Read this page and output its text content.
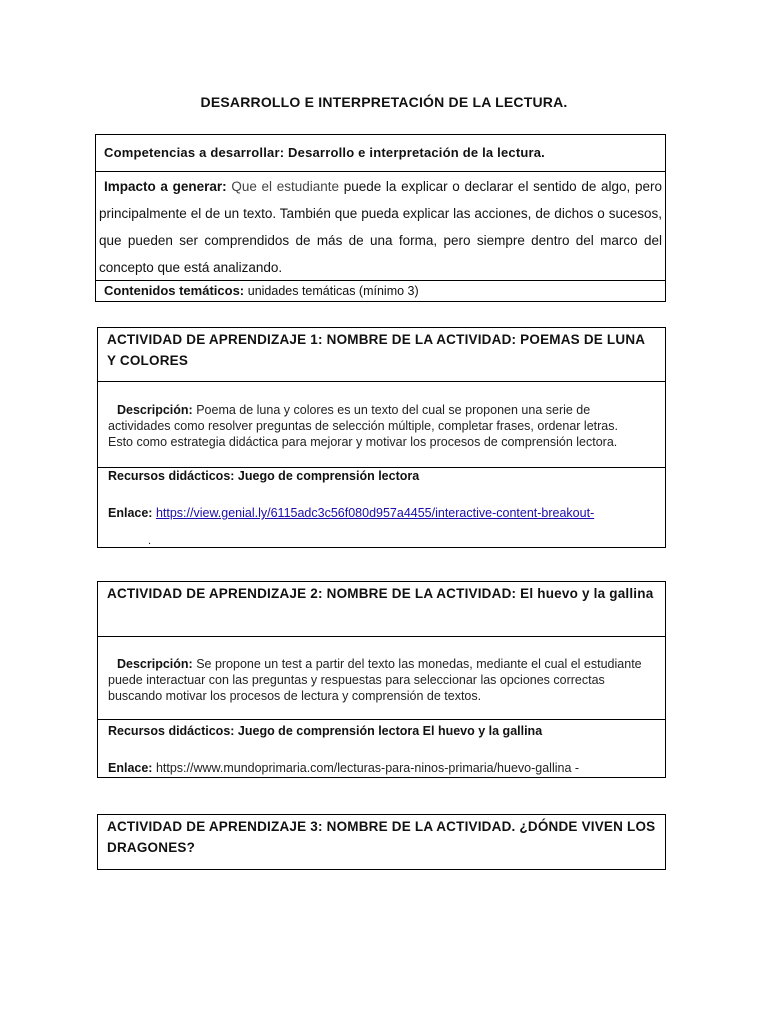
DESARROLLO E INTERPRETACIÓN DE LA LECTURA.
Competencias a desarrollar: Desarrollo e interpretación de la lectura.
Impacto a generar: Que el estudiante puede la explicar o declarar el sentido de algo, pero principalmente el de un texto. También que pueda explicar las acciones, de dichos o sucesos, que pueden ser comprendidos de más de una forma, pero siempre dentro del marco del concepto que está analizando.
Contenidos temáticos: unidades temáticas (mínimo 3)
ACTIVIDAD DE APRENDIZAJE 1: NOMBRE DE LA ACTIVIDAD: POEMAS DE LUNA Y COLORES
Descripción: Poema de luna y colores es un texto del cual se proponen una serie de actividades como resolver preguntas de selección múltiple, completar frases, ordenar letras. Esto como estrategia didáctica para mejorar y motivar los procesos de comprensión lectora.
Recursos didácticos: Juego de comprensión lectora
Enlace: https://view.genial.ly/6115adc3c56f080d957a4455/interactive-content-breakout-
.
ACTIVIDAD DE APRENDIZAJE 2: NOMBRE DE LA ACTIVIDAD: El huevo y la gallina
Descripción: Se propone un test a partir del texto las monedas, mediante el cual el estudiante puede interactuar con las preguntas y respuestas para seleccionar las opciones correctas buscando motivar los procesos de lectura y comprensión de textos.
Recursos didácticos: Juego de comprensión lectora El huevo y la gallina
Enlace: https://www.mundoprimaria.com/lecturas-para-ninos-primaria/huevo-gallina -
ACTIVIDAD DE APRENDIZAJE 3: NOMBRE DE LA ACTIVIDAD. ¿DÓNDE VIVEN LOS DRAGONES?
